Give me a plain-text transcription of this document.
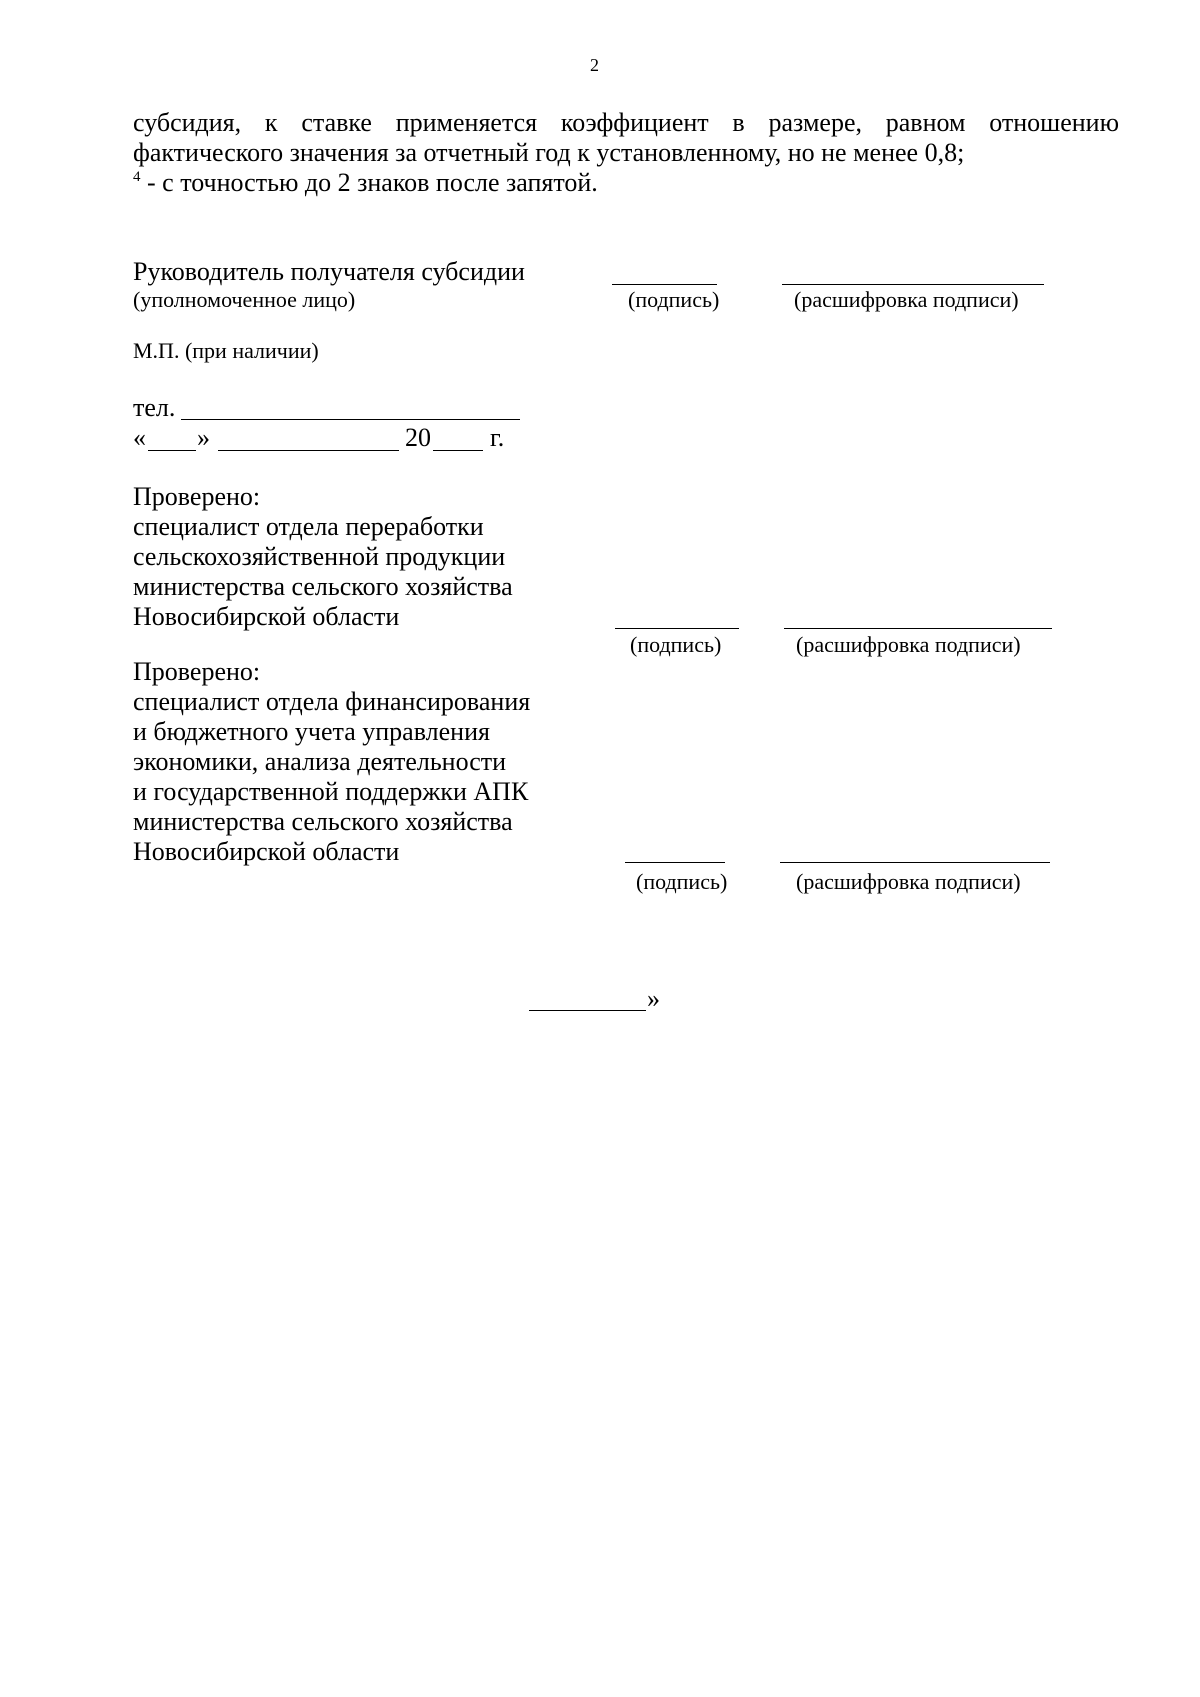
2
субсидия, к ставке применяется коэффициент в размере, равном отношению
фактического значения за отчетный год к установленному, но не менее 0,8;
$^4$ - с точностью до 2 знаков после запятой.
Руководитель получателя субсидии
(уполномоченное лицо)	(подпись)	(расшифровка подписи)
М.П. (при наличии)
тел.
« »	20 г.
Проверено:
специалист отдела переработки
сельскохозяйственной продукции
министерства сельского хозяйства
Новосибирской области
(подпись)	(расшифровка подписи)
Проверено:
специалист отдела финансирования
и бюджетного учета управления
экономики, анализа деятельности
и государственной поддержки АПК
министерства сельского хозяйства
Новосибирской области
(подпись)	(расшифровка подписи)
»
